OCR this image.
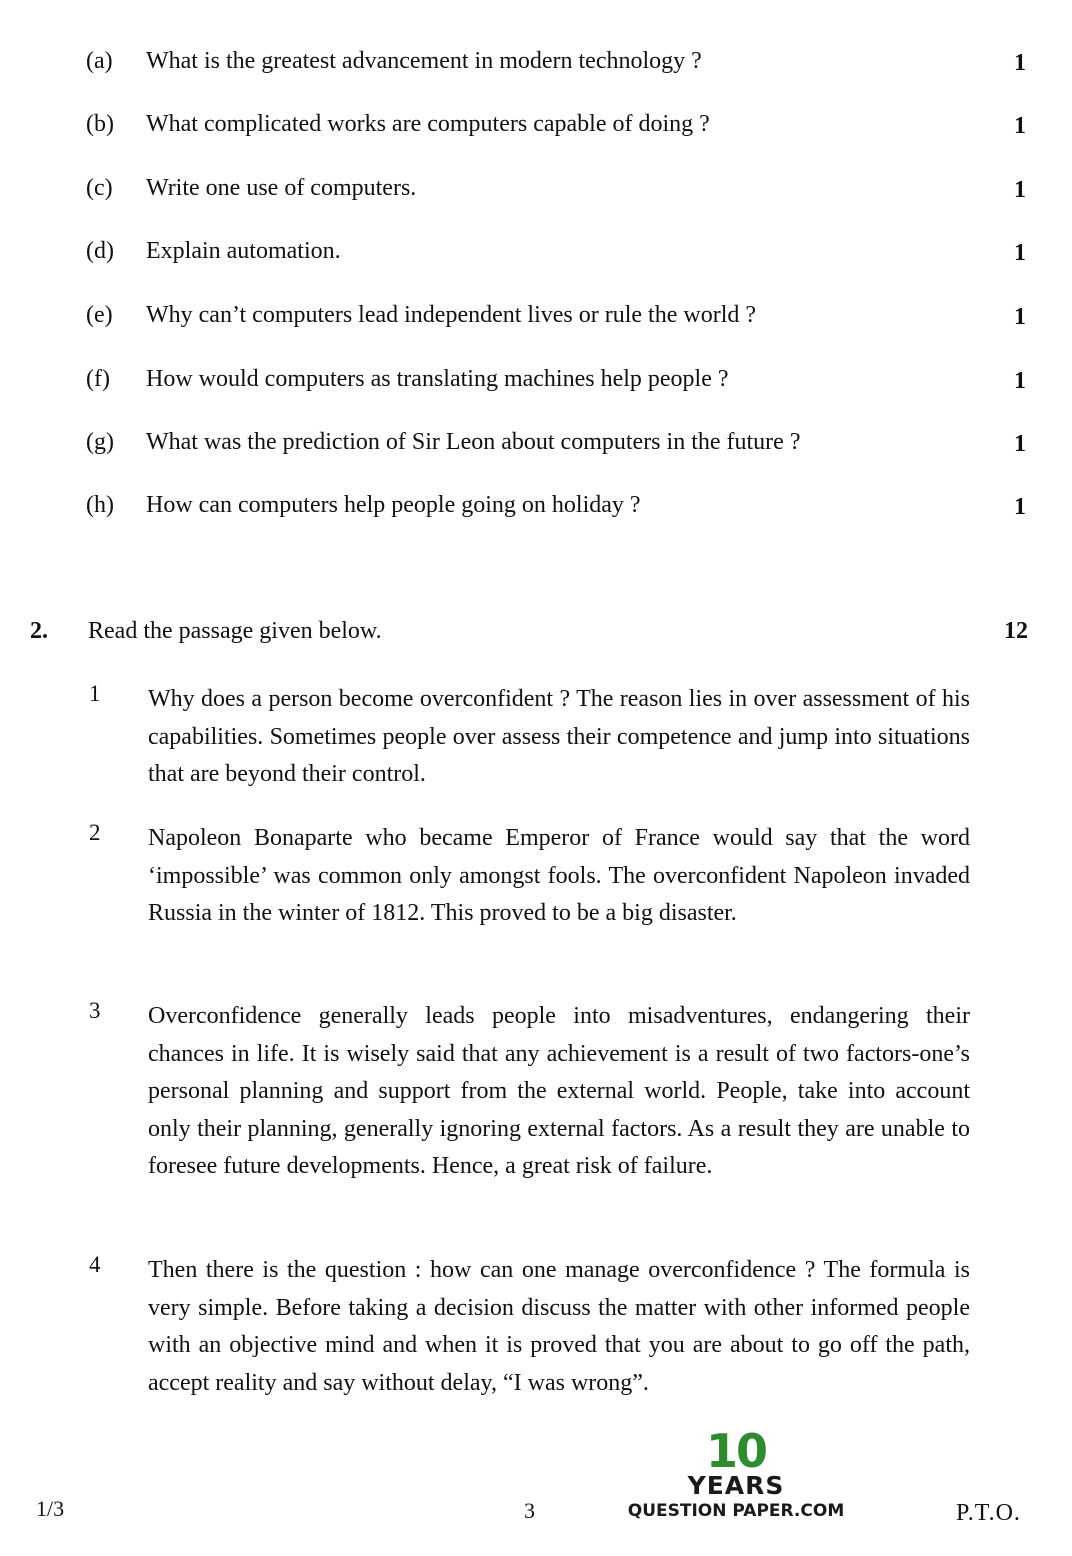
(a) What is the greatest advancement in modern technology ?	1
(b) What complicated works are computers capable of doing ?	1
(c) Write one use of computers.	1
(d) Explain automation.	1
(e) Why can’t computers lead independent lives or rule the world ?	1
(f) How would computers as translating machines help people ?	1
(g) What was the prediction of Sir Leon about computers in the future ?	1
(h) How can computers help people going on holiday ?	1
2. Read the passage given below.	12
1 Why does a person become overconfident ? The reason lies in over assessment of his capabilities. Sometimes people over assess their competence and jump into situations that are beyond their control.
2 Napoleon Bonaparte who became Emperor of France would say that the word ‘impossible’ was common only amongst fools. The overconfident Napoleon invaded Russia in the winter of 1812. This proved to be a big disaster.
3 Overconfidence generally leads people into misadventures, endangering their chances in life. It is wisely said that any achievement is a result of two factors-one’s personal planning and support from the external world. People, take into account only their planning, generally ignoring external factors. As a result they are unable to foresee future developments. Hence, a great risk of failure.
4 Then there is the question : how can one manage overconfidence ? The formula is very simple. Before taking a decision discuss the matter with other informed people with an objective mind and when it is proved that you are about to go off the path, accept reality and say without delay, “I was wrong”.
10
YEARS
QUESTION PAPER.COM
1/3	3	P.T.O.
